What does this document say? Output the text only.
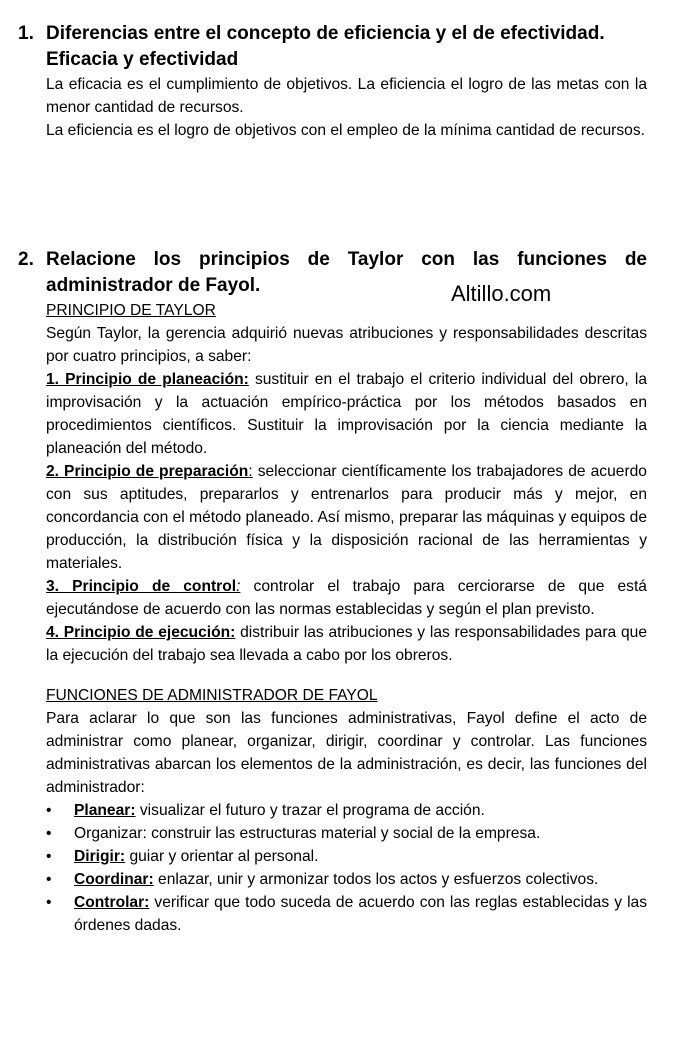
1. Diferencias entre el concepto de eficiencia y el de efectividad.
Eficacia y efectividad

La eficacia es el cumplimiento de objetivos. La eficiencia el logro de las metas con la menor cantidad de recursos.

La eficiencia es el logro de objetivos con el empleo de la mínima cantidad de recursos.

Altillo.com
2. Relacione los principios de Taylor con las funciones de administrador de Fayol.

PRINCIPIO DE TAYLOR

Según Taylor, la gerencia adquirió nuevas atribuciones y responsabilidades descritas por cuatro principios, a saber:

1. Principio de planeación: sustituir en el trabajo el criterio individual del obrero, la improvisación y la actuación empírico-práctica por los métodos basados en procedimientos científicos. Sustituir la improvisación por la ciencia mediante la planeación del método.

2. Principio de preparación: seleccionar científicamente los trabajadores de acuerdo con sus aptitudes, prepararlos y entrenarlos para producir más y mejor, en concordancia con el método planeado. Así mismo, preparar las máquinas y equipos de producción, la distribución física y la disposición racional de las herramientas y materiales.

3. Principio de control: controlar el trabajo para cerciorarse de que está ejecutándose de acuerdo con las normas establecidas y según el plan previsto.

4. Principio de ejecución: distribuir las atribuciones y las responsabilidades para que la ejecución del trabajo sea llevada a cabo por los obreros.

FUNCIONES DE ADMINISTRADOR DE FAYOL

Para aclarar lo que son las funciones administrativas, Fayol define el acto de administrar como planear, organizar, dirigir, coordinar y controlar. Las funciones administrativas abarcan los elementos de la administración, es decir, las funciones del administrador:

•	Planear: visualizar el futuro y trazar el programa de acción.
•	Organizar: construir las estructuras material y social de la empresa.
•	Dirigir: guiar y orientar al personal.
•	Coordinar: enlazar, unir y armonizar todos los actos y esfuerzos colectivos.
•	Controlar: verificar que todo suceda de acuerdo con las reglas establecidas y las órdenes dadas.
